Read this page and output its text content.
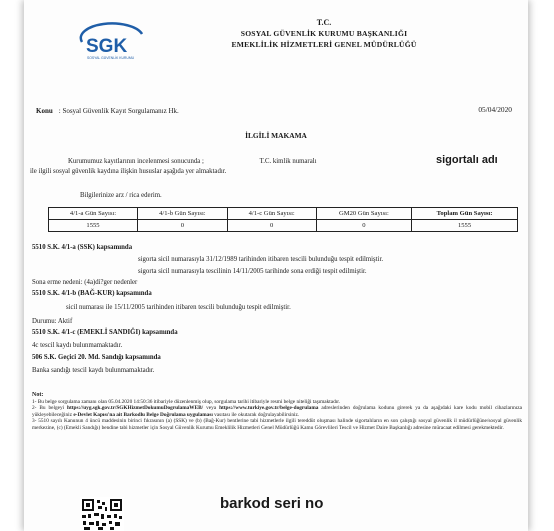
SGK
SOSYAL GÜVENLİK KURUMU
T.C.
SOSYAL GÜVENLİK KURUMU BAŞKANLIĞI
EMEKLİLİK HİZMETLERİ GENEL MÜDÜRLÜĞÜ
Konu : Sosyal Güvenlik Kayıt Sorgulamanız Hk.	05/04/2020
İLGİLİ MAKAMA
Kurumumuz kayıtlarının incelenmesi sonucunda ;	T.C. kimlik numaralı
ile ilgili sosyal güvenlik kaydına ilişkin hususlar aşağıda yer almaktadır.
sigortalı adı
Bilgilerinize arz / rica ederim.
4/1-a Gün Sayısı:	4/1-b Gün Sayısı:	4/1-c Gün Sayısı:	GM20 Gün Sayısı:	Toplam Gün Sayısı:
1555	0	0	0	1555
5510 S.K. 4/1-a (SSK) kapsamında
sigorta sicil numarasıyla 31/12/1989 tarihinden itibaren tescili bulunduğu tespit edilmiştir.
sigorta sicil numarasıyla tescilinin 14/11/2005 tarihinde sona erdiği tespit edilmiştir.
Sona erme nedeni: (4a)di?ger nedenler
5510 S.K. 4/1-b (BAĞ-KUR) kapsamında
sicil numarası ile 15/11/2005 tarihinden itibaren tescili bulunduğu tespit edilmiştir.
Durumu: Aktif
5510 S.K. 4/1-c (EMEKLİ SANDIĞI) kapsamında
4c tescil kaydı bulunmamaktadır.
506 S.K. Geçici 20. Md. Sandığı kapsamında
Banka sandığı tescil kaydı bulunmamaktadır.
Not:
1- Bu belge sorgulama zamanı olan 05.04.2020 14:50:36 itibariyle düzenlenmiş olup, sorgulama tarihi itibariyle resmi belge niteliği taşımaktadır.
2- Bu belgeyi https://uyg.sgk.gov.tr/SGKHizmetDokumuDogrulamaWEB/ veya https://www.turkiye.gov.tr/belge-dogrulama adreslerinden doğrulama kodunu girerek ya da aşağıdaki kare kodu mobil cihazlarınıza yükleyebileceğiniz e-Devlet Kapısı'na ait Barkodlu Belge Doğrulama uygulaması vasıtası ile okutarak doğrulayabilirsiniz.
3- 5510 sayılı Kanunun 4 üncü maddesinin birinci fıkrasının (a) (SSK) ve (b) (Bağ-Kur) bentlerine tabi hizmetlerle ilgili tereddüt oluşması halinde sigortalıların en son çalıştığı sosyal güvenlik il müdürlüğüne/sosyal güvenlik merkezine, (c) (Emekli Sandığı) bendine tabi hizmetler için Sosyal Güvenlik Kurumu Emeklilik Hizmetleri Genel Müdürlüğü Kamu Görevlileri Tescil ve Hizmet Daire Başkanlığı adresine müracaat edilmesi gerekmektedir.
barkod seri no
